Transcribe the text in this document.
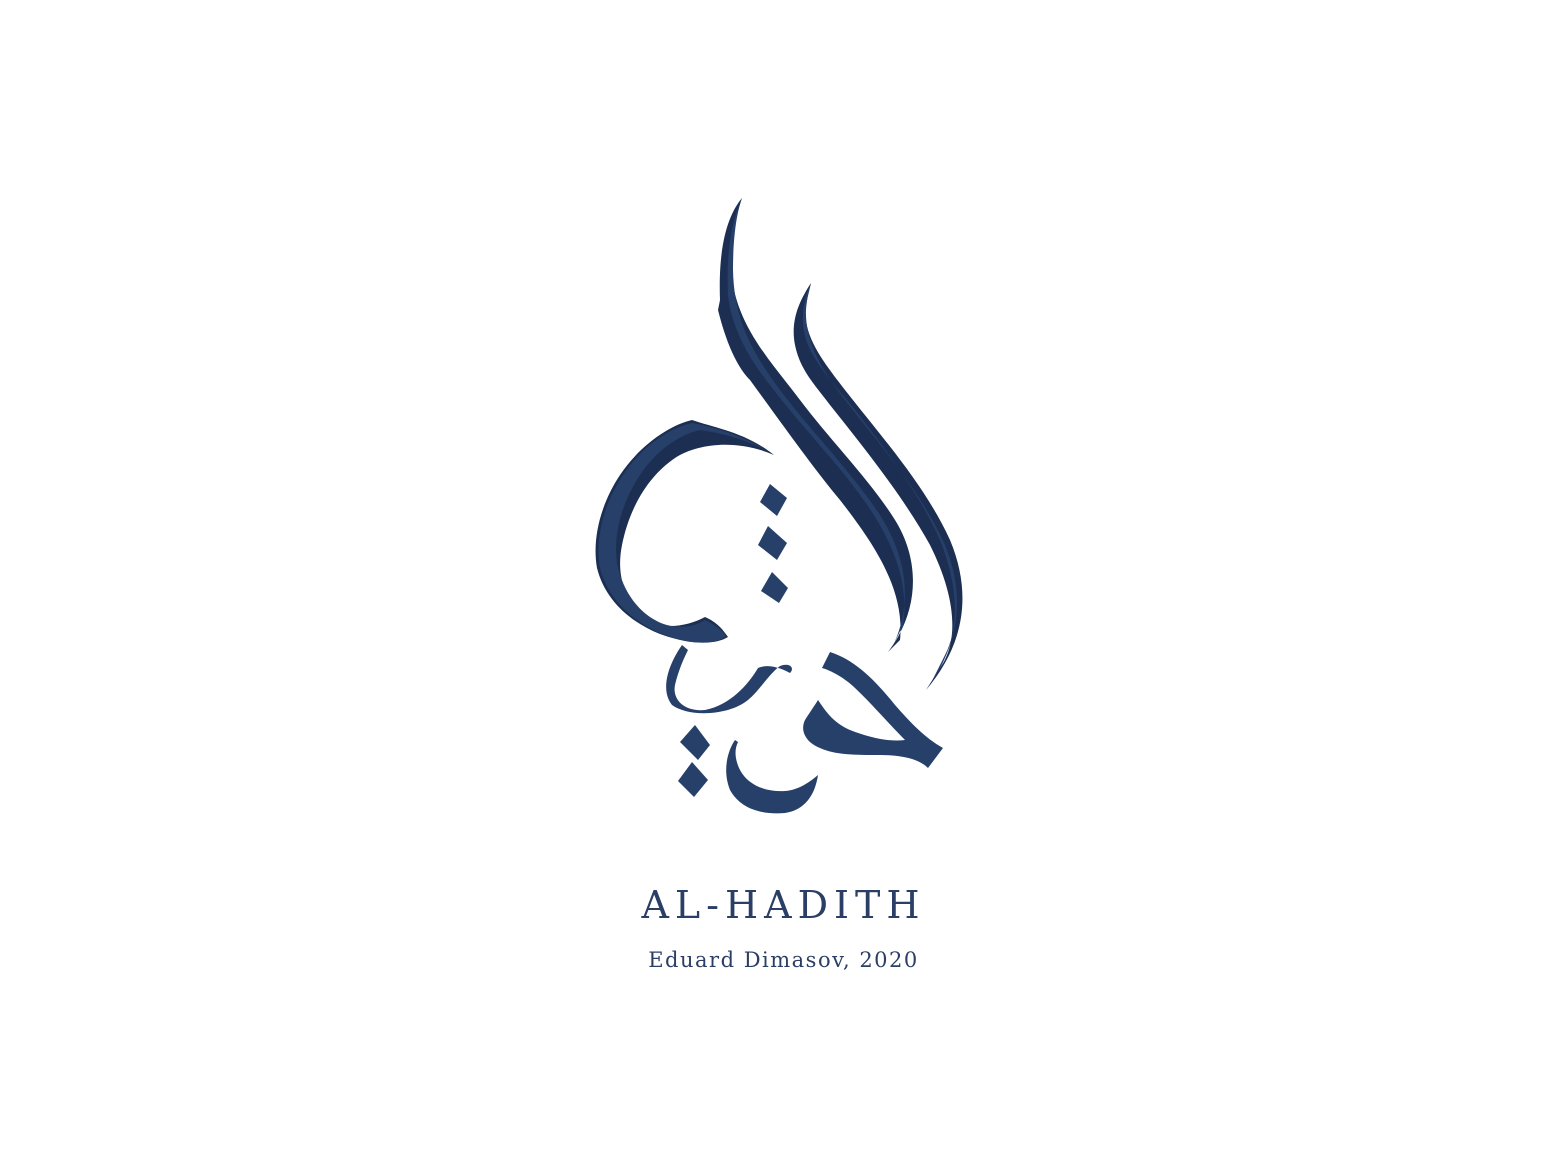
AL-HADITH
Eduard Dimasov, 2020
